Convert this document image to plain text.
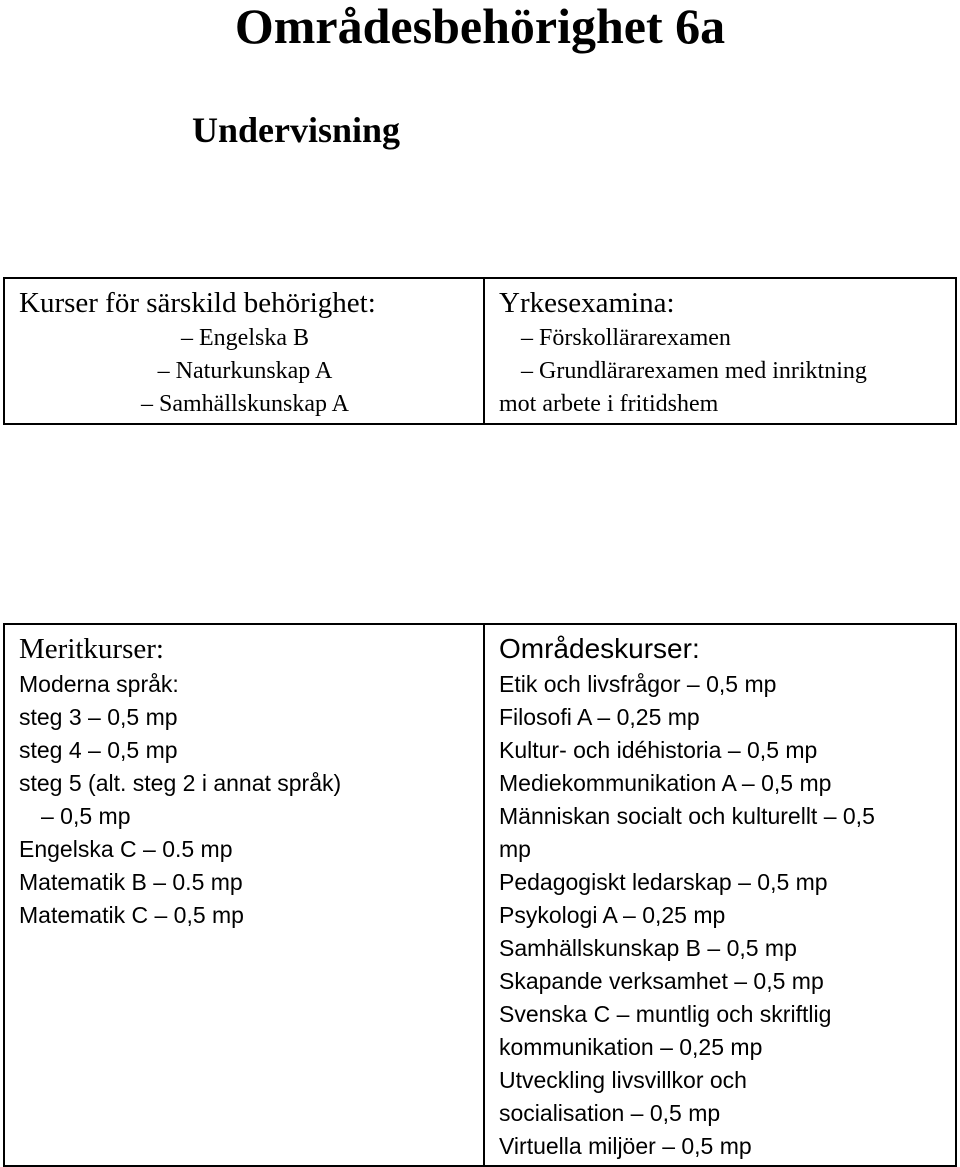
Områdesbehörighet 6a
Undervisning
Kurser för särskild behörighet:
– Engelska B
– Naturkunskap A
– Samhällskunskap A

Yrkesexamina:
– Förskollärarexamen
– Grundlärarexamen med inriktning
mot arbete i fritidshem
Meritkurser:
Moderna språk:
steg 3 – 0,5 mp
steg 4 – 0,5 mp
steg 5 (alt. steg 2 i annat språk)
– 0,5 mp
Engelska C – 0.5 mp
Matematik B – 0.5 mp
Matematik C – 0,5 mp

Områdeskurser:
Etik och livsfrågor – 0,5 mp
Filosofi A – 0,25 mp
Kultur- och idéhistoria – 0,5 mp
Mediekommunikation A – 0,5 mp
Människan socialt och kulturellt – 0,5
mp
Pedagogiskt ledarskap – 0,5 mp
Psykologi A – 0,25 mp
Samhällskunskap B – 0,5 mp
Skapande verksamhet – 0,5 mp
Svenska C – muntlig och skriftlig
kommunikation – 0,25 mp
Utveckling livsvillkor och
socialisation – 0,5 mp
Virtuella miljöer – 0,5 mp
